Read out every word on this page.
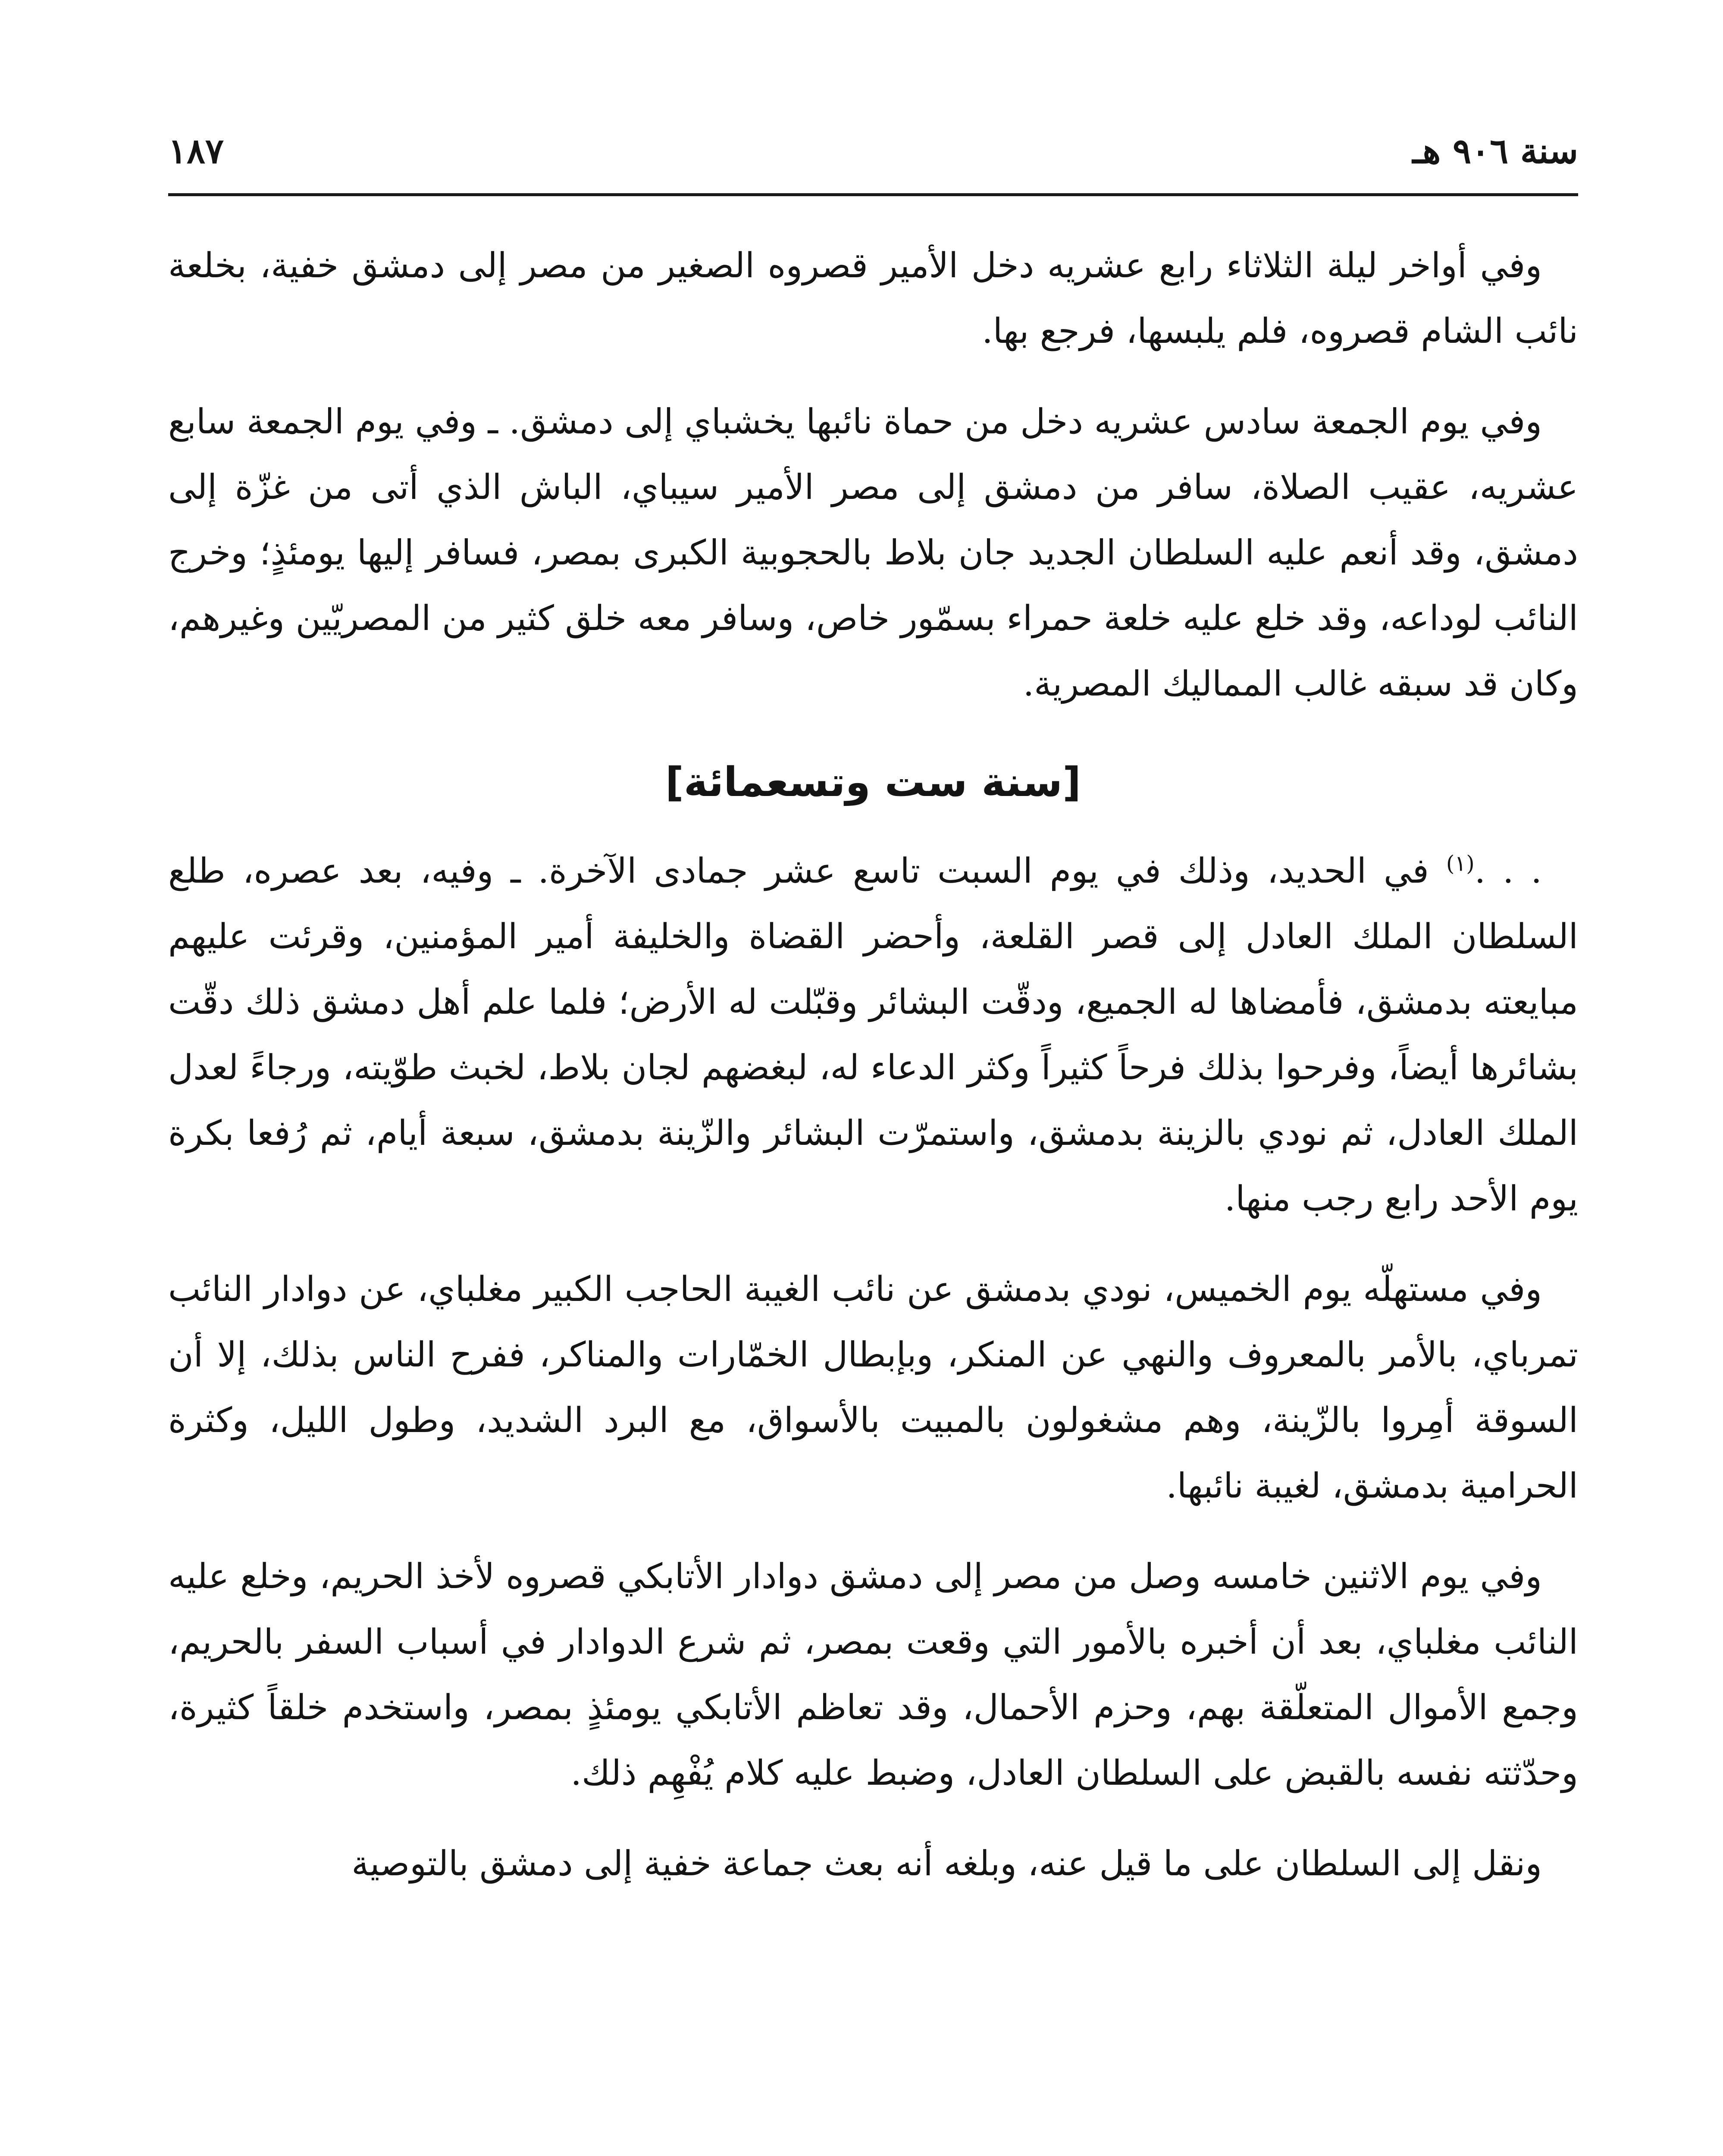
سنة ٩٠٦ هـ
١٨٧

وفي أواخر ليلة الثلاثاء رابع عشريه دخل الأمير قصروه الصغير من مصر إلى دمشق خفية، بخلعة نائب الشام قصروه، فلم يلبسها، فرجع بها.

وفي يوم الجمعة سادس عشريه دخل من حماة نائبها يخشباي إلى دمشق. ـ وفي يوم الجمعة سابع عشريه، عقيب الصلاة، سافر من دمشق إلى مصر الأمير سيباي، الباش الذي أتى من غزّة إلى دمشق، وقد أنعم عليه السلطان الجديد جان بلاط بالحجوبية الكبرى بمصر، فسافر إليها يومئذٍ؛ وخرج النائب لوداعه، وقد خلع عليه خلعة حمراء بسمّور خاص، وسافر معه خلق كثير من المصريّين وغيرهم، وكان قد سبقه غالب المماليك المصرية.

[سنة ست وتسعمائة]

. . .$^{(١)}$ في الحديد، وذلك في يوم السبت تاسع عشر جمادى الآخرة. ـ وفيه، بعد عصره، طلع السلطان الملك العادل إلى قصر القلعة، وأحضر القضاة والخليفة أمير المؤمنين، وقرئت عليهم مبايعته بدمشق، فأمضاها له الجميع، ودقّت البشائر وقبّلت له الأرض؛ فلما علم أهل دمشق ذلك دقّت بشائرها أيضاً، وفرحوا بذلك فرحاً كثيراً وكثر الدعاء له، لبغضهم لجان بلاط، لخبث طوّيته، ورجاءً لعدل الملك العادل، ثم نودي بالزينة بدمشق، واستمرّت البشائر والزّينة بدمشق، سبعة أيام، ثم رُفعا بكرة يوم الأحد رابع رجب منها.

وفي مستهلّه يوم الخميس، نودي بدمشق عن نائب الغيبة الحاجب الكبير مغلباي، عن دوادار النائب تمرباي، بالأمر بالمعروف والنهي عن المنكر، وبإبطال الخمّارات والمناكر، ففرح الناس بذلك، إلا أن السوقة أمِروا بالزّينة، وهم مشغولون بالمبيت بالأسواق، مع البرد الشديد، وطول الليل، وكثرة الحرامية بدمشق، لغيبة نائبها.

وفي يوم الاثنين خامسه وصل من مصر إلى دمشق دوادار الأتابكي قصروه لأخذ الحريم، وخلع عليه النائب مغلباي، بعد أن أخبره بالأمور التي وقعت بمصر، ثم شرع الدوادار في أسباب السفر بالحريم، وجمع الأموال المتعلّقة بهم، وحزم الأحمال، وقد تعاظم الأتابكي يومئذٍ بمصر، واستخدم خلقاً كثيرة، وحدّثته نفسه بالقبض على السلطان العادل، وضبط عليه كلام يُفْهِم ذلك.

ونقل إلى السلطان على ما قيل عنه، وبلغه أنه بعث جماعة خفية إلى دمشق بالتوصية
